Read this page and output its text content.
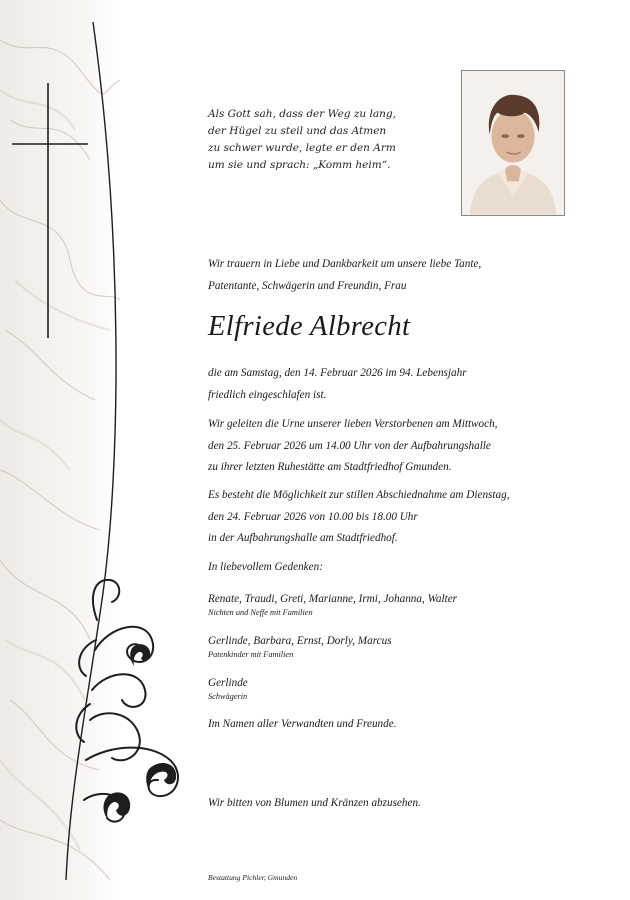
Als Gott sah, dass der Weg zu lang,
der Hügel zu steil und das Atmen
zu schwer wurde, legte er den Arm
um sie und sprach: „Komm heim“.
Wir trauern in Liebe und Dankbarkeit um unsere liebe Tante,
Patentante, Schwägerin und Freundin, Frau
Elfriede Albrecht
die am Samstag, den 14. Februar 2026 im 94. Lebensjahr
friedlich eingeschlafen ist.
Wir geleiten die Urne unserer lieben Verstorbenen am Mittwoch,
den 25. Februar 2026 um 14.00 Uhr von der Aufbahrungshalle
zu ihrer letzten Ruhestätte am Stadtfriedhof Gmunden.
Es besteht die Möglichkeit zur stillen Abschiednahme am Dienstag,
den 24. Februar 2026 von 10.00 bis 18.00 Uhr
in der Aufbahrungshalle am Stadtfriedhof.
In liebevollem Gedenken:
Renate, Traudi, Greti, Marianne, Irmi, Johanna, Walter
Nichten und Neffe mit Familien
Gerlinde, Barbara, Ernst, Dorly, Marcus
Patenkinder mit Familien
Gerlinde
Schwägerin
Im Namen aller Verwandten und Freunde.
Wir bitten von Blumen und Kränzen abzusehen.
Bestattung Pichler, Gmunden
